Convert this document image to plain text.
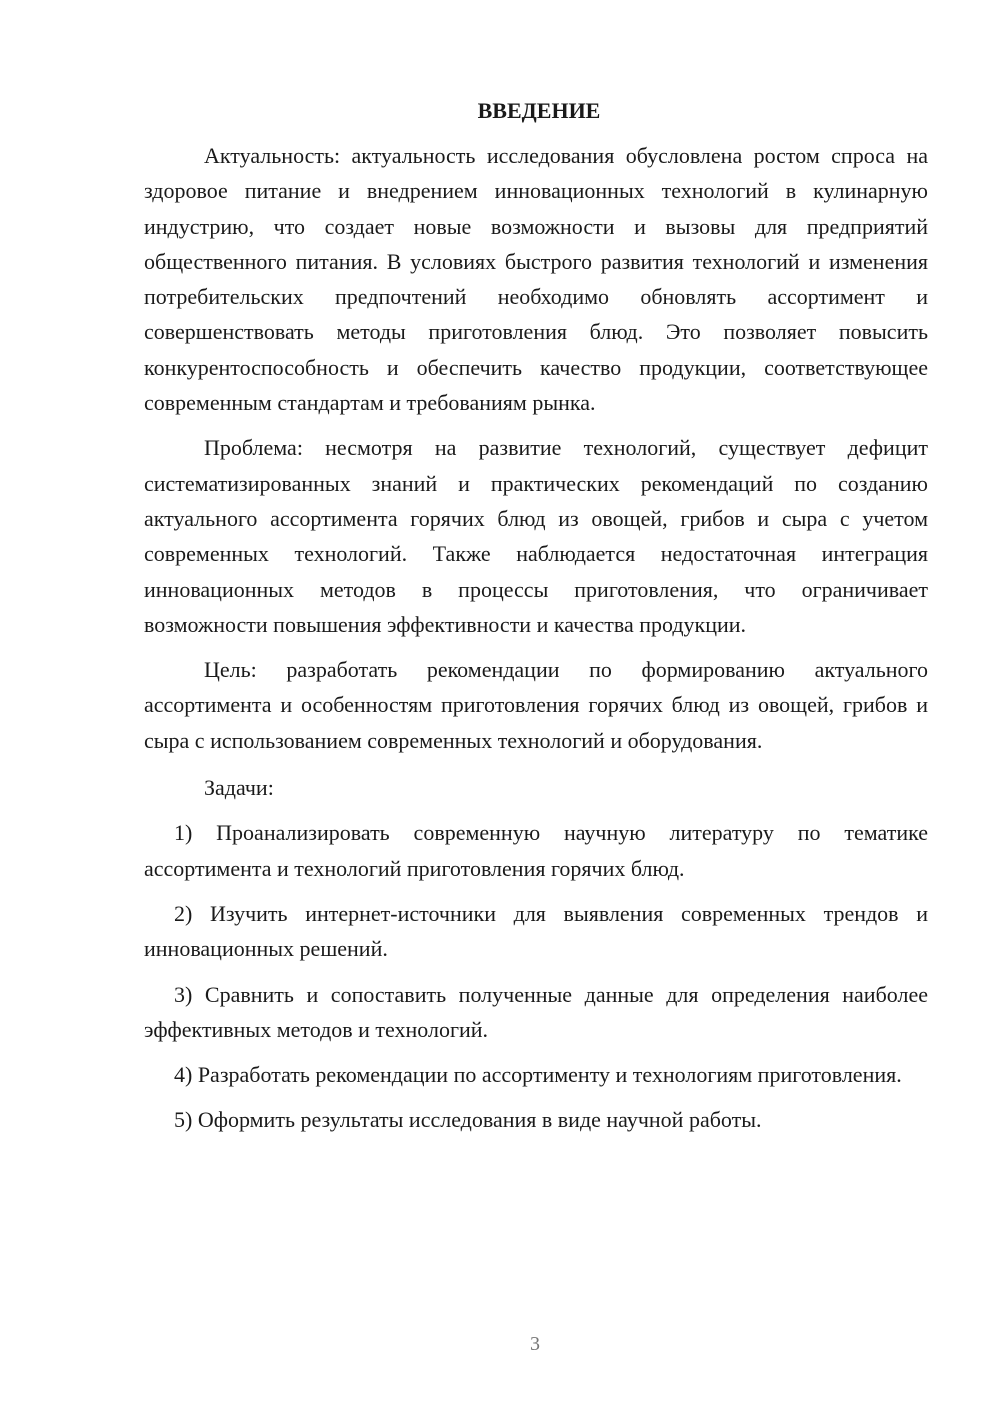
ВВЕДЕНИЕ

Актуальность: актуальность исследования обусловлена ростом спроса на здоровое питание и внедрением инновационных технологий в кулинарную индустрию, что создает новые возможности и вызовы для предприятий общественного питания. В условиях быстрого развития технологий и изменения потребительских предпочтений необходимо обновлять ассортимент и совершенствовать методы приготовления блюд. Это позволяет повысить конкурентоспособность и обеспечить качество продукции, соответствующее современным стандартам и требованиям рынка.

Проблема: несмотря на развитие технологий, существует дефицит систематизированных знаний и практических рекомендаций по созданию актуального ассортимента горячих блюд из овощей, грибов и сыра с учетом современных технологий. Также наблюдается недостаточная интеграция инновационных методов в процессы приготовления, что ограничивает возможности повышения эффективности и качества продукции.

Цель: разработать рекомендации по формированию актуального ассортимента и особенностям приготовления горячих блюд из овощей, грибов и сыра с использованием современных технологий и оборудования.

Задачи:

1) Проанализировать современную научную литературу по тематике ассортимента и технологий приготовления горячих блюд.

2) Изучить интернет-источники для выявления современных трендов и инновационных решений.

3) Сравнить и сопоставить полученные данные для определения наиболее эффективных методов и технологий.

4) Разработать рекомендации по ассортименту и технологиям приготовления.

5) Оформить результаты исследования в виде научной работы.

3
